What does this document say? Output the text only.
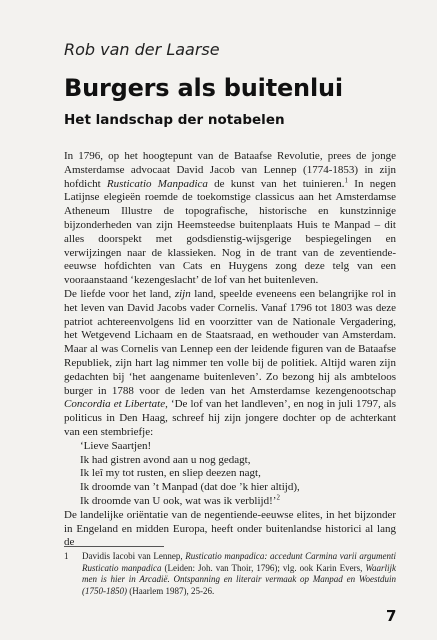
Rob van der Laarse

Burgers als buitenlui
Het landschap der notabelen

In 1796, op het hoogtepunt van de Bataafse Revolutie, prees de jonge Amsterdamse advocaat David Jacob van Lennep (1774-1853) in zijn hofdicht Rusticatio Manpadica de kunst van het tuinieren.$^1$ In negen Latijnse elegieën roemde de toekomstige classicus aan het Amsterdamse Atheneum Illustre de topografische, historische en kunstzinnige bijzonderheden van zijn Heemsteedse buitenplaats Huis te Manpad – dit alles doorspekt met godsdienstig-wijsgerige bespiegelingen en verwijzingen naar de klassieken. Nog in de trant van de zeventiende-eeuwse hofdichten van Cats en Huygens zong deze telg van een vooraanstaand ‘kezengeslacht’ de lof van het buitenleven.

De liefde voor het land, zijn land, speelde eveneens een belangrijke rol in het leven van David Jacobs vader Cornelis. Vanaf 1796 tot 1803 was deze patriot achtereenvolgens lid en voorzitter van de Nationale Vergadering, het Wetgevend Lichaam en de Staatsraad, en wethouder van Amsterdam. Maar al was Cornelis van Lennep een der leidende figuren van de Bataafse Republiek, zijn hart lag nimmer ten volle bij de politiek. Altijd waren zijn gedachten bij ‘het aangename buitenleven’. Zo bezong hij als ambteloos burger in 1788 voor de leden van het Amsterdamse kezengenootschap Concordia et Libertate, ‘De lof van het landleven’, en nog in juli 1797, als politicus in Den Haag, schreef hij zijn jongere dochter op de achterkant van een stembriefje:

‘Lieve Saartjen!
Ik had gistren avond aan u nog gedagt,
Ik leî my tot rusten, en sliep deezen nagt,
Ik droomde van ’t Manpad (dat doe ’k hier altijd),
Ik droomde van U ook, wat was ik verblijd!’$^2$

De landelijke oriëntatie van de negentiende-eeuwse elites, in het bijzonder in Engeland en midden Europa, heeft onder buitenlandse historici al lang de

1 Davidis Iacobi van Lennep, Rusticatio manpadica: accedunt Carmina varii argumenti Rusticatio manpadica (Leiden: Joh. van Thoir, 1796); vlg. ook Karin Evers, Waarlijk men is hier in Arcadië. Ontspanning en literair vermaak op Manpad en Woestduin (1750-1850) (Haarlem 1987), 25-26.
7
